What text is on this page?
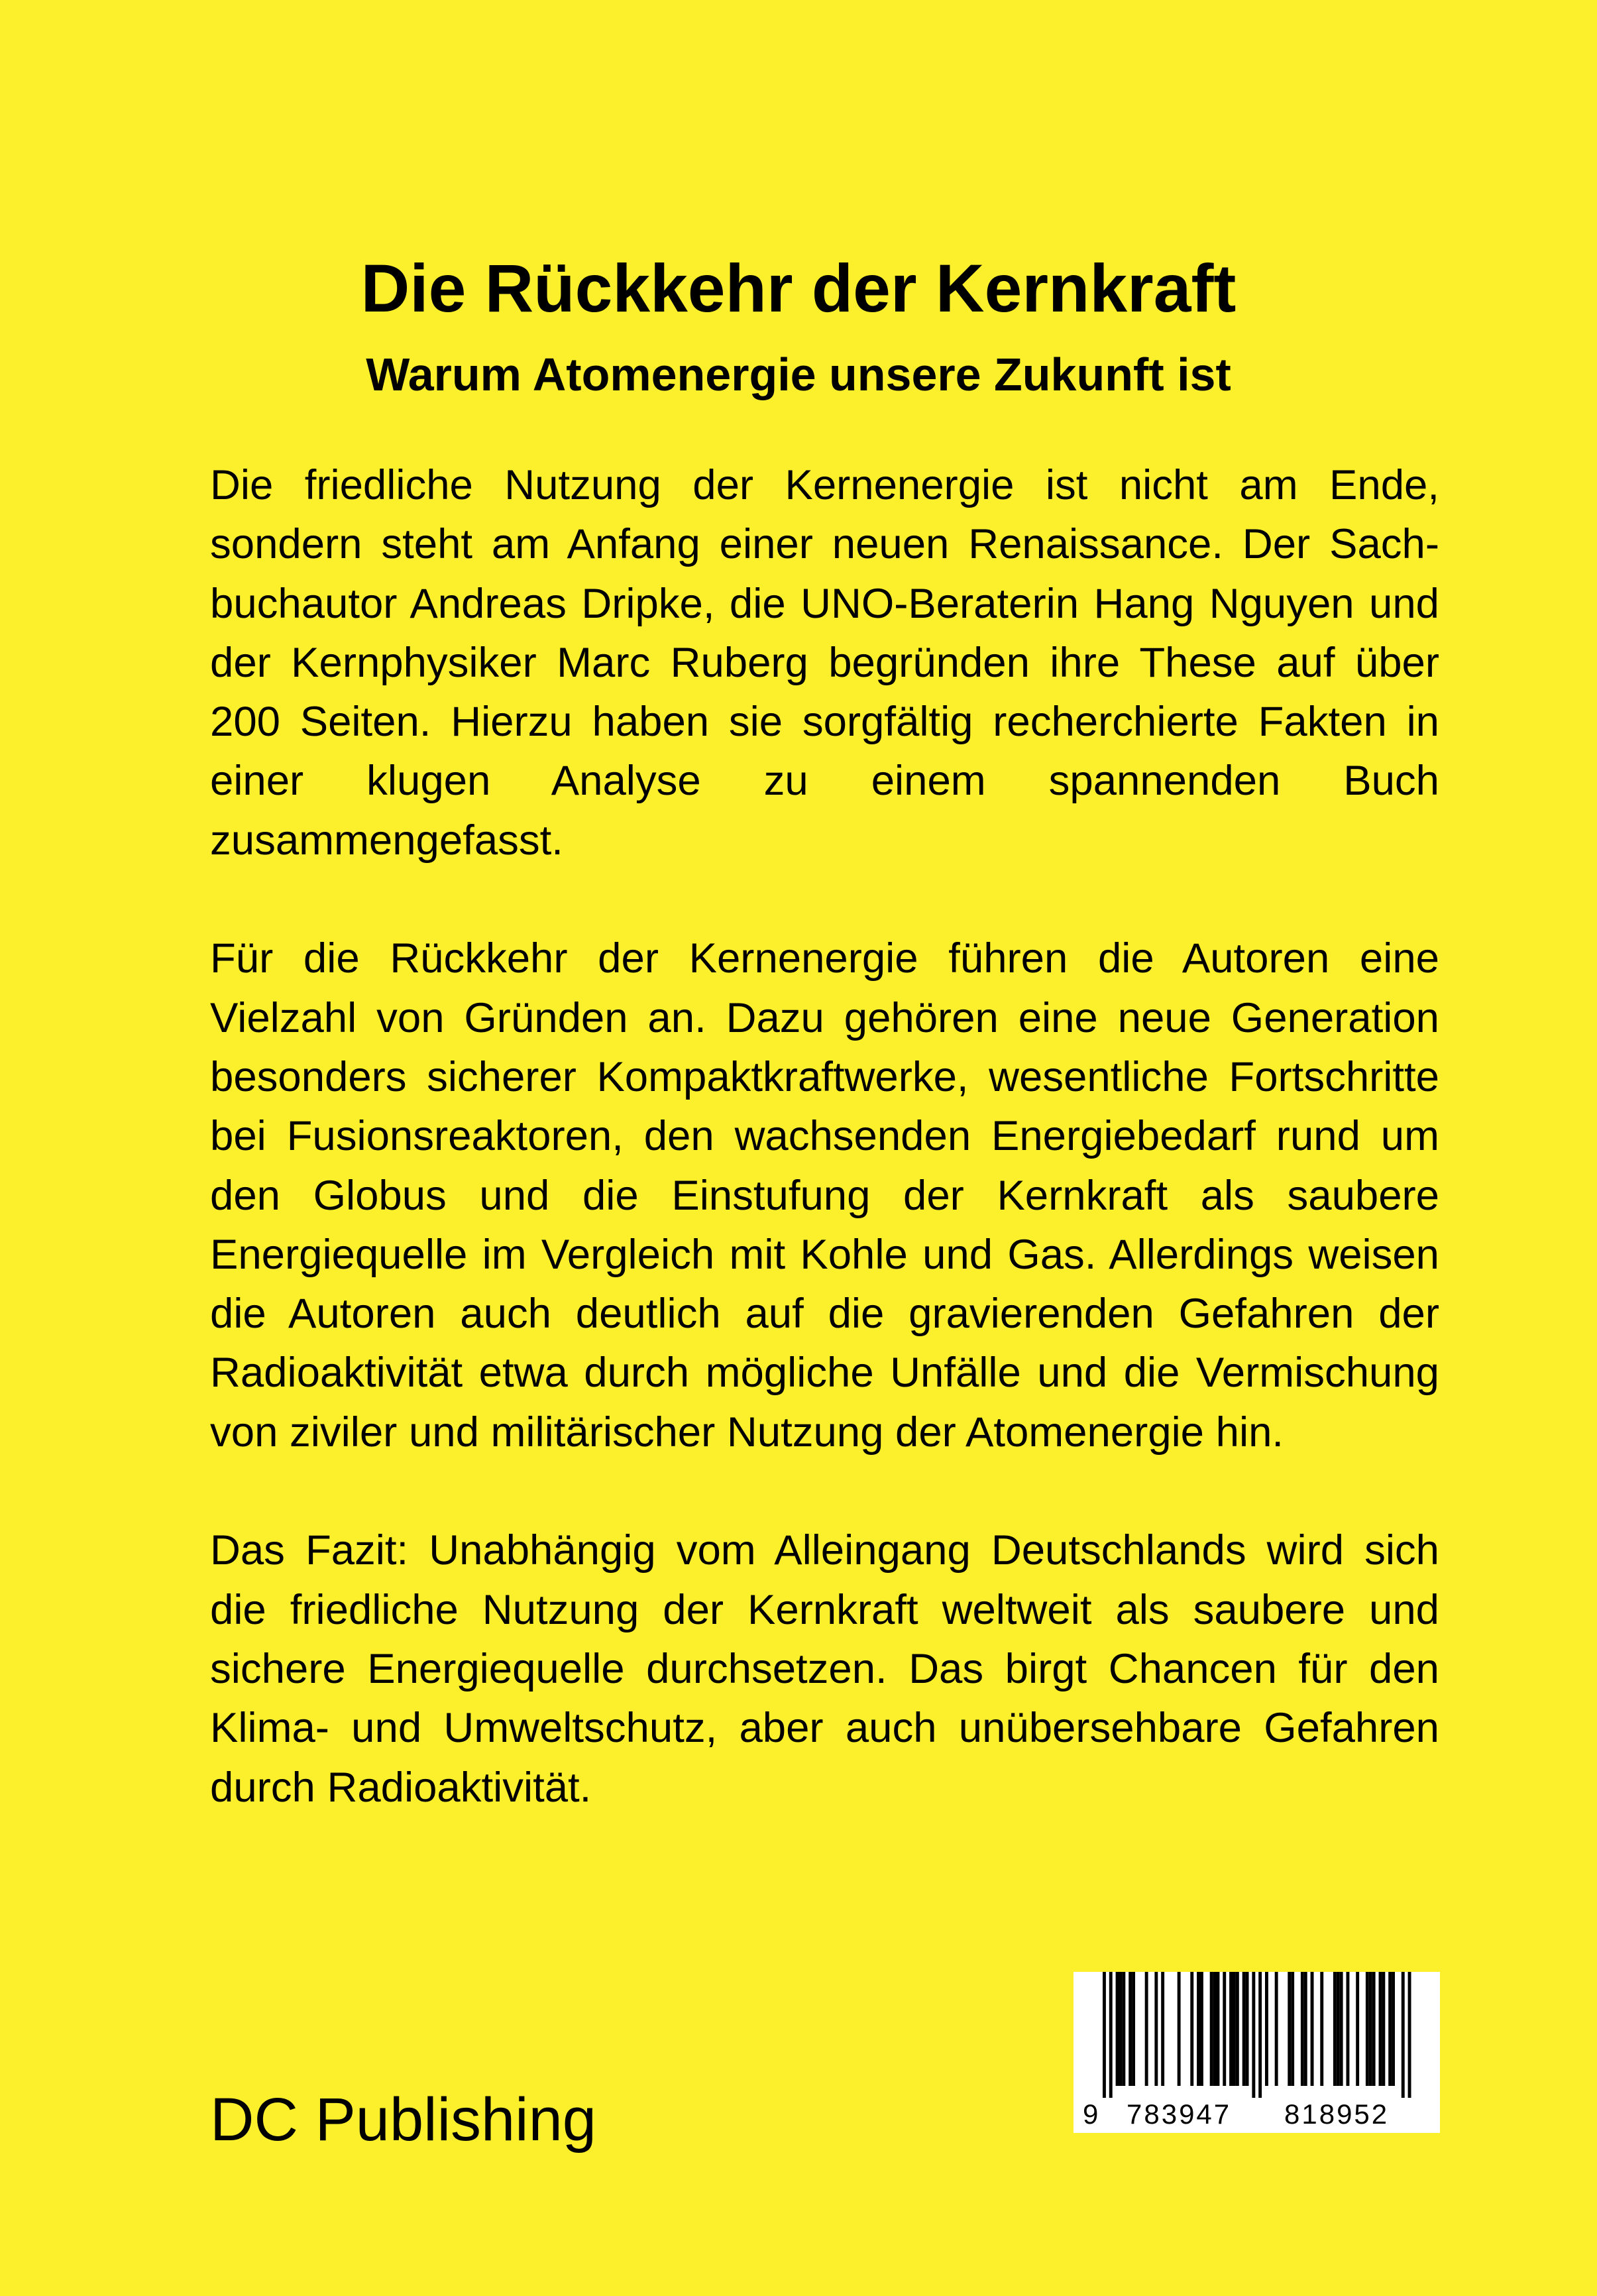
Die Rückkehr der Kernkraft
Warum Atomenergie unsere Zukunft ist

Die friedliche Nutzung der Kernenergie ist nicht am Ende, sondern steht am Anfang einer neuen Renaissance. Der Sachbuchautor Andreas Dripke, die UNO-Beraterin Hang Nguyen und der Kernphysiker Marc Ruberg begründen ihre These auf über 200 Seiten. Hierzu haben sie sorgfältig recherchierte Fakten in einer klugen Analyse zu einem spannenden Buch zusammengefasst.

Für die Rückkehr der Kernenergie führen die Autoren eine Vielzahl von Gründen an. Dazu gehören eine neue Generation besonders sicherer Kompaktkraftwerke, wesentliche Fortschritte bei Fusionsreaktoren, den wachsenden Energiebedarf rund um den Globus und die Einstufung der Kernkraft als saubere Energiequelle im Vergleich mit Kohle und Gas. Allerdings weisen die Autoren auch deutlich auf die gravierenden Gefahren der Radioaktivität etwa durch mögliche Unfälle und die Vermischung von ziviler und militärischer Nutzung der Atomenergie hin.

Das Fazit: Unabhängig vom Alleingang Deutschlands wird sich die friedliche Nutzung der Kernkraft weltweit als saubere und sichere Energiequelle durchsetzen. Das birgt Chancen für den Klima- und Umweltschutz, aber auch unübersehbare Gefahren durch Radioaktivität.

DC Publishing	9 783947 818952
